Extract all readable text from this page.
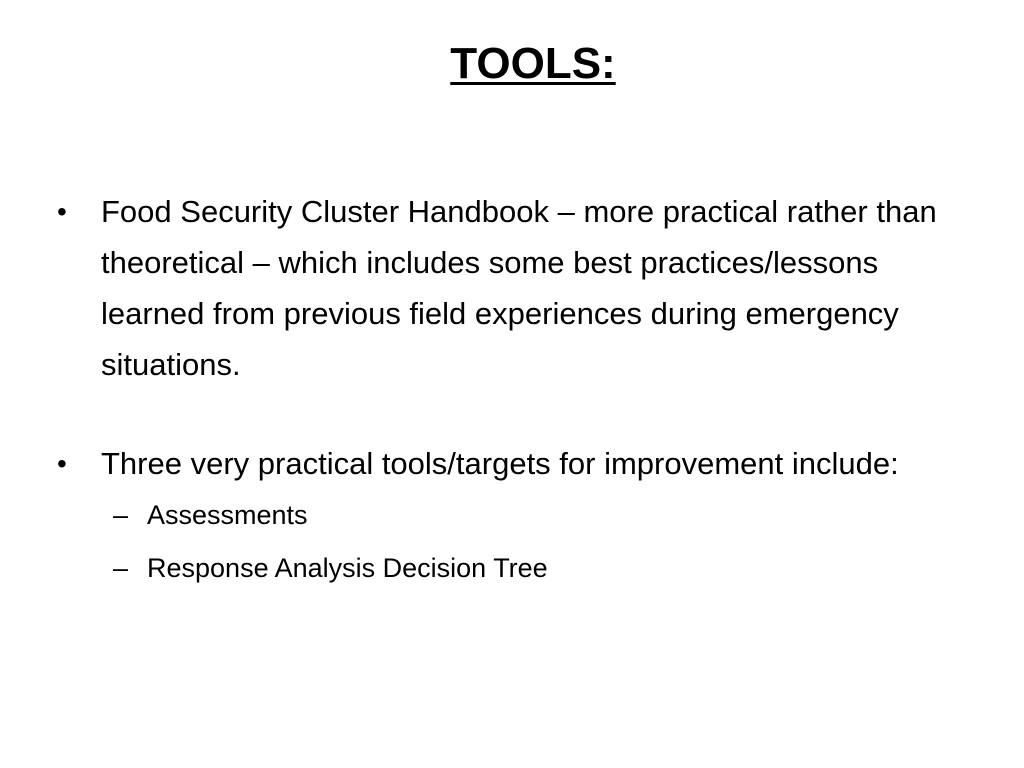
TOOLS:
• Food Security Cluster Handbook – more practical rather than theoretical – which includes some best practices/lessons learned from previous field experiences during emergency situations.
• Three very practical tools/targets for improvement include:
– Assessments
– Response Analysis Decision Tree
